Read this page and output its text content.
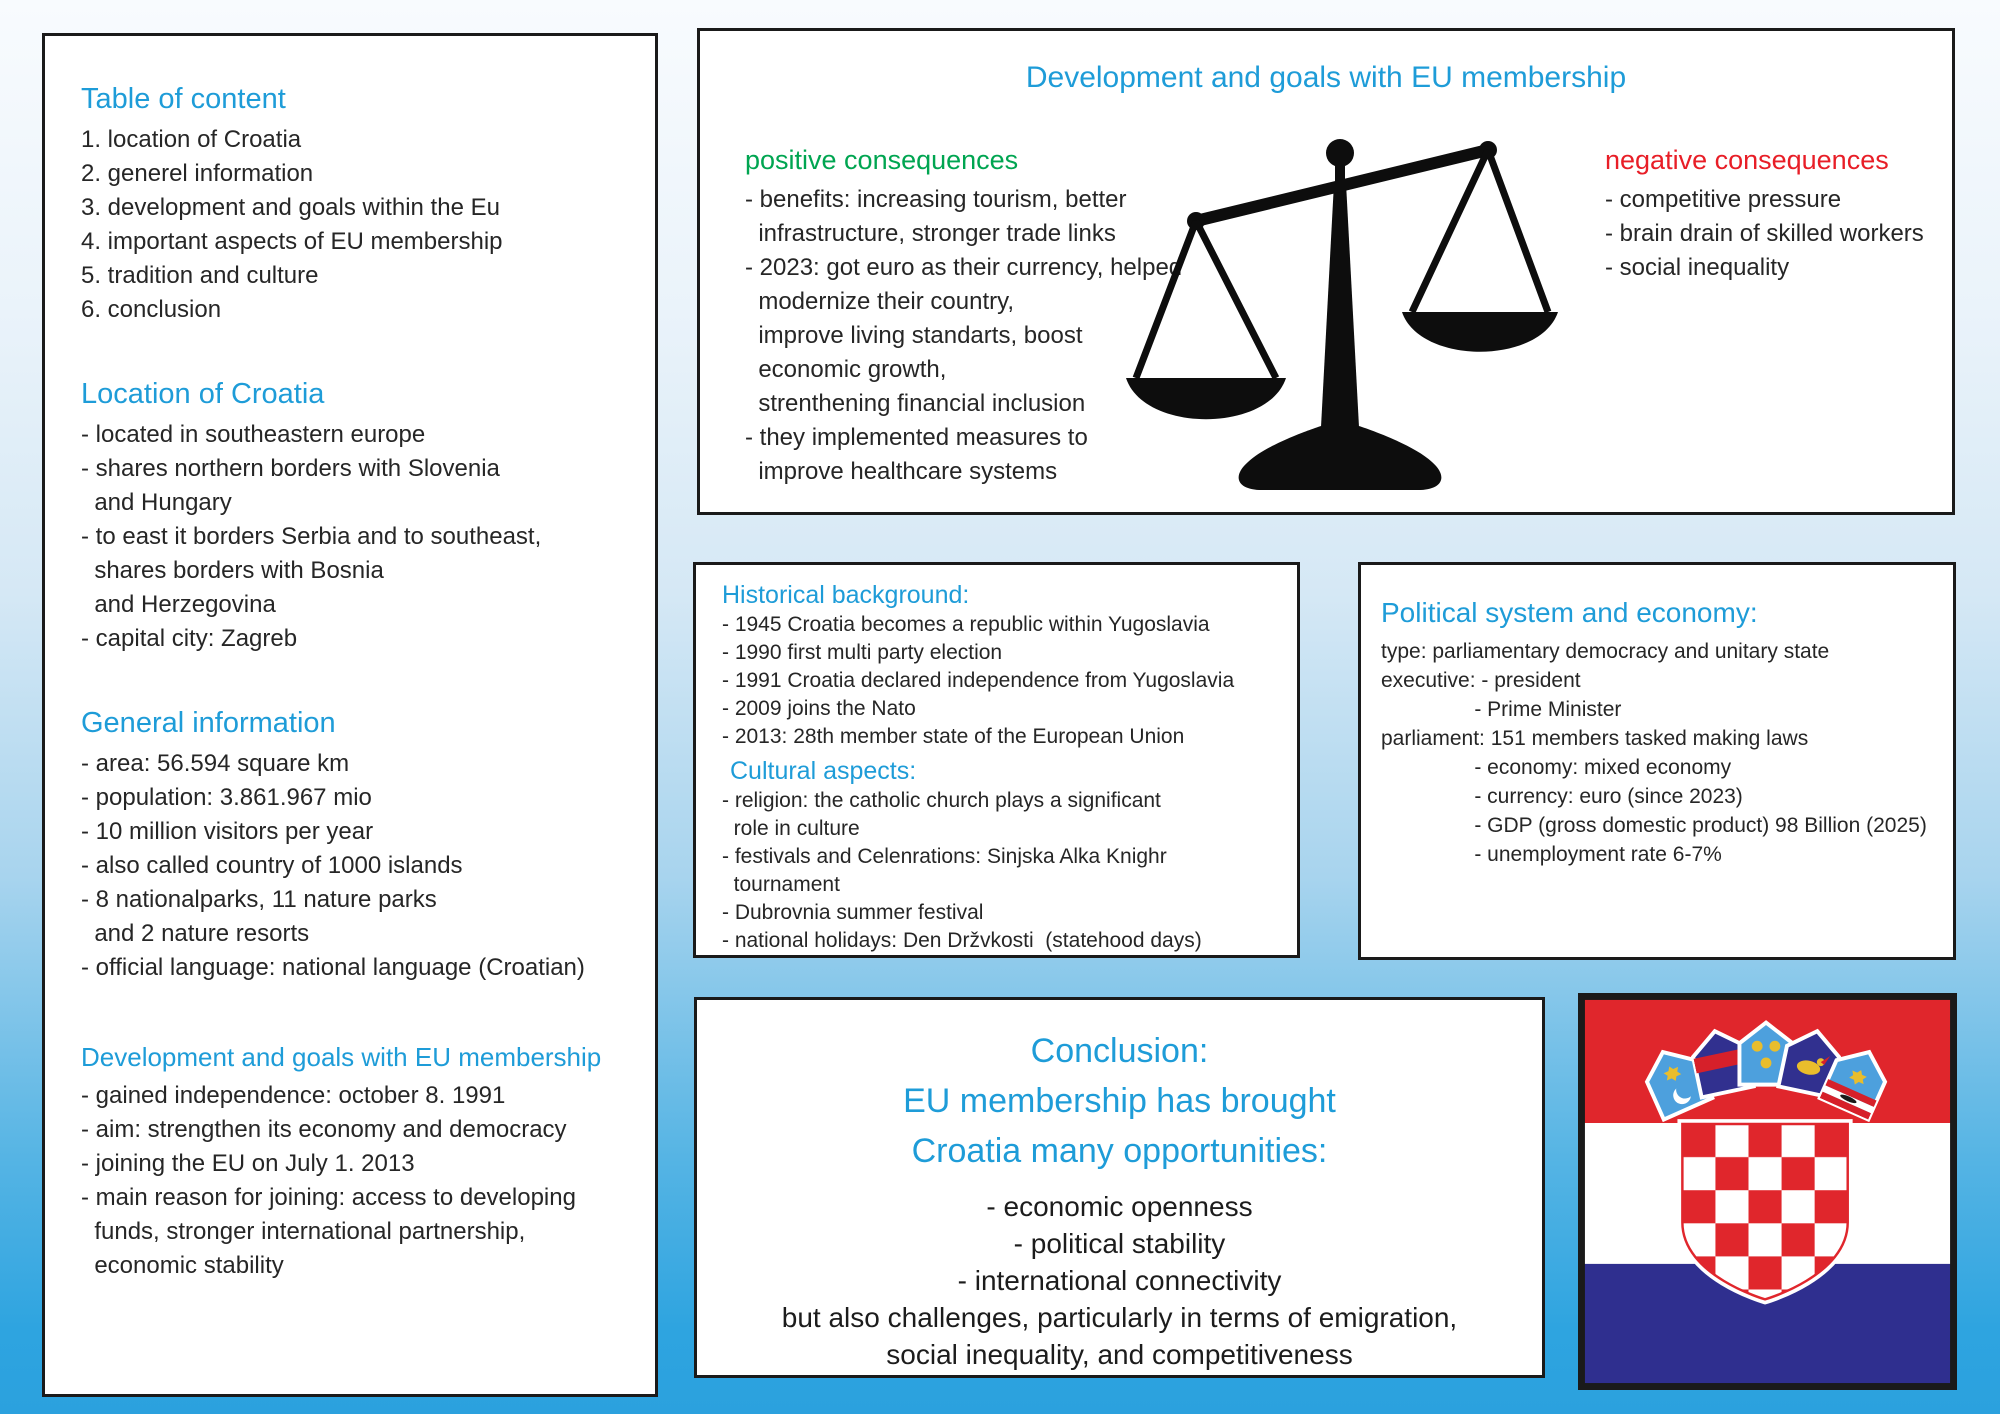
Table of content
1. location of Croatia
2. generel information
3. development and goals within the Eu
4. important aspects of EU membership
5. tradition and culture
6. conclusion
Location of Croatia
- located in southeastern europe
- shares northern borders with Slovenia
and Hungary
- to east it borders Serbia and to southeast,
shares borders with Bosnia
and Herzegovina
- capital city: Zagreb
General information
- area: 56.594 square km
- population: 3.861.967 mio
- 10 million visitors per year
- also called country of 1000 islands
- 8 nationalparks, 11 nature parks
and 2 nature resorts
- official language: national language (Croatian)
Development and goals with EU membership
- gained independence: october 8. 1991
- aim: strengthen its economy and democracy
- joining the EU on July 1. 2013
- main reason for joining: access to developing
funds, stronger international partnership,
economic stability
Development and goals with EU membership
positive consequences
- benefits: increasing tourism, better
infrastructure, stronger trade links
- 2023: got euro as their currency, helped
modernize their country,
improve living standarts, boost
economic growth,
strenthening financial inclusion
- they implemented measures to
improve healthcare systems
negative consequences
- competitive pressure
- brain drain of skilled workers
- social inequality
Historical background:
- 1945 Croatia becomes a republic within Yugoslavia
- 1990 first multi party election
- 1991 Croatia declared independence from Yugoslavia
- 2009 joins the Nato
- 2013: 28th member state of the European Union
Cultural aspects:
- religion: the catholic church plays a significant
role in culture
- festivals and Celenrations: Sinjska Alka Knighr
tournament
- Dubrovnia summer festival
- national holidays: Den Držvkosti  (statehood days)
Political system and economy:
type: parliamentary democracy and unitary state
executive: - president
- Prime Minister
parliament: 151 members tasked making laws
- economy: mixed economy
- currency: euro (since 2023)
- GDP (gross domestic product) 98 Billion (2025)
- unemployment rate 6-7%
Conclusion:
EU membership has brought
Croatia many opportunities:
- economic openness
- political stability
- international connectivity
but also challenges, particularly in terms of emigration,
social inequality, and competitiveness
